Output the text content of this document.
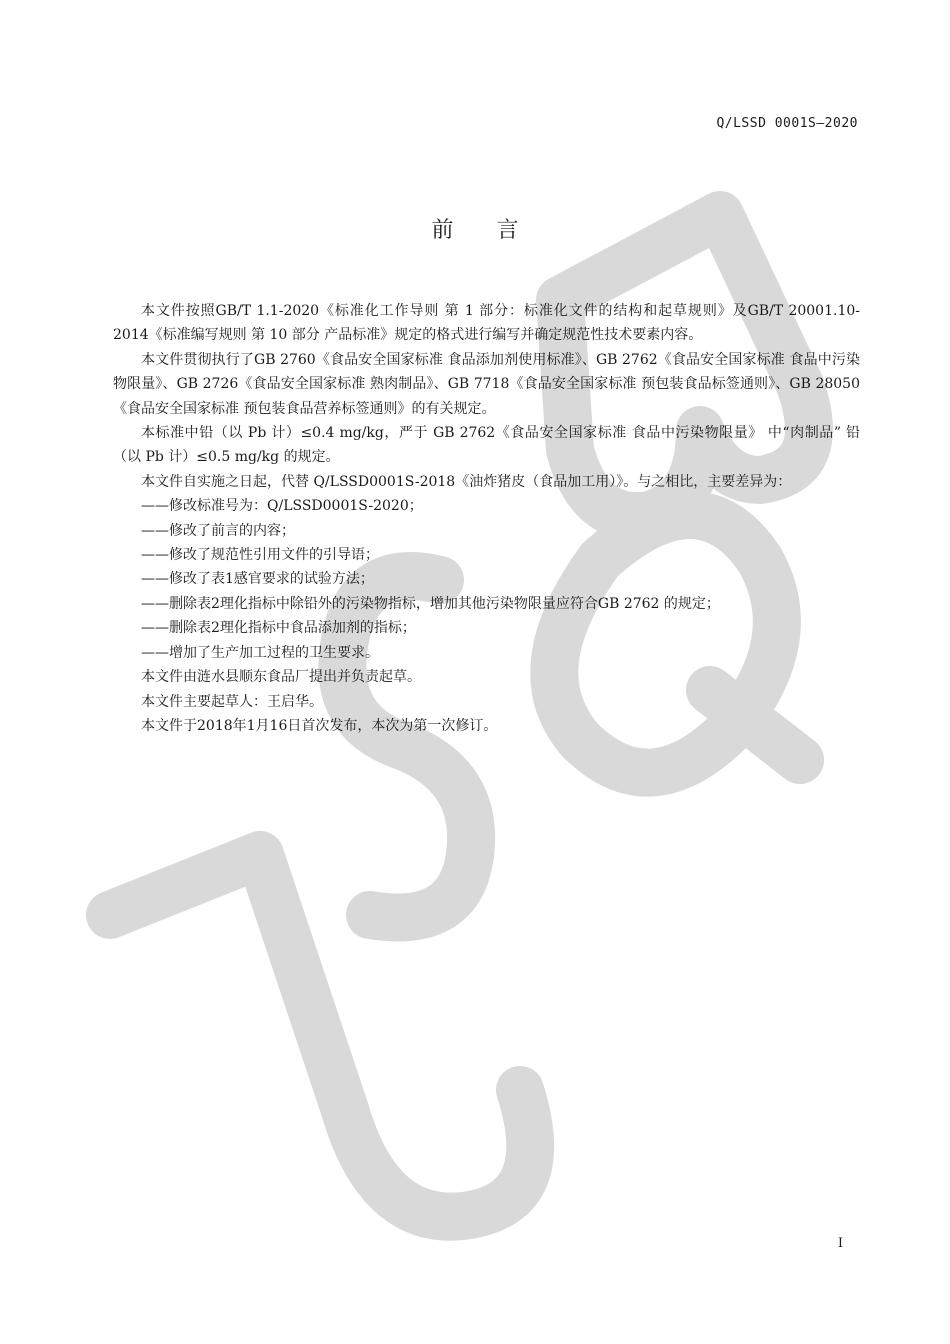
Q/LSSD 0001S—2020
前 言

本文件按照GB/T 1.1-2020《标准化工作导则 第 1 部分：标准化文件的结构和起草规则》及GB/T 20001.10-2014《标准编写规则 第 10 部分 产品标准》规定的格式进行编写并确定规范性技术要素内容。

本文件贯彻执行了GB 2760《食品安全国家标准 食品添加剂使用标准》、GB 2762《食品安全国家标准 食品中污染物限量》、GB 2726《食品安全国家标准 熟肉制品》、GB 7718《食品安全国家标准 预包装食品标签通则》、GB 28050《食品安全国家标准 预包装食品营养标签通则》的有关规定。

本标准中铅（以 Pb 计）≤0.4 mg/kg，严于 GB 2762《食品安全国家标准 食品中污染物限量》 中“肉制品” 铅（以 Pb 计）≤0.5 mg/kg 的规定。

本文件自实施之日起，代替 Q/LSSD0001S-2018《油炸猪皮（食品加工用）》。与之相比，主要差异为：

——修改标准号为：Q/LSSD0001S-2020；

——修改了前言的内容；

——修改了规范性引用文件的引导语；

——修改了表1感官要求的试验方法；

——删除表2理化指标中除铅外的污染物指标，增加其他污染物限量应符合GB 2762 的规定；

——删除表2理化指标中食品添加剂的指标；

——增加了生产加工过程的卫生要求。

本文件由涟水县顺东食品厂提出并负责起草。

本文件主要起草人：王启华。

本文件于2018年1月16日首次发布，本次为第一次修订。

I
